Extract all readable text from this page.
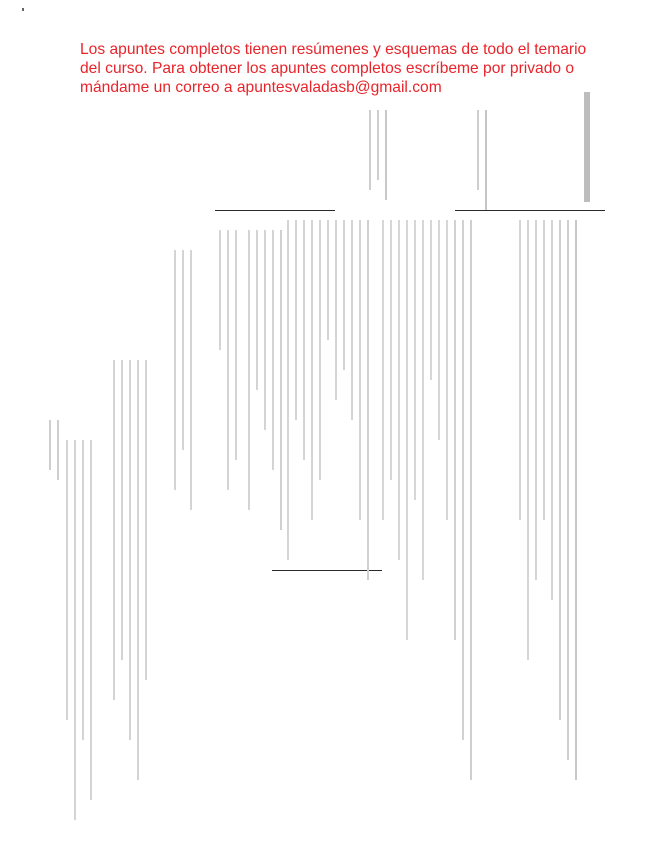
Los apuntes completos tienen resúmenes y esquemas de todo el temario
del curso. Para obtener los apuntes completos escríbeme por privado o
mándame un correo a apuntesvaladasb@gmail.com
